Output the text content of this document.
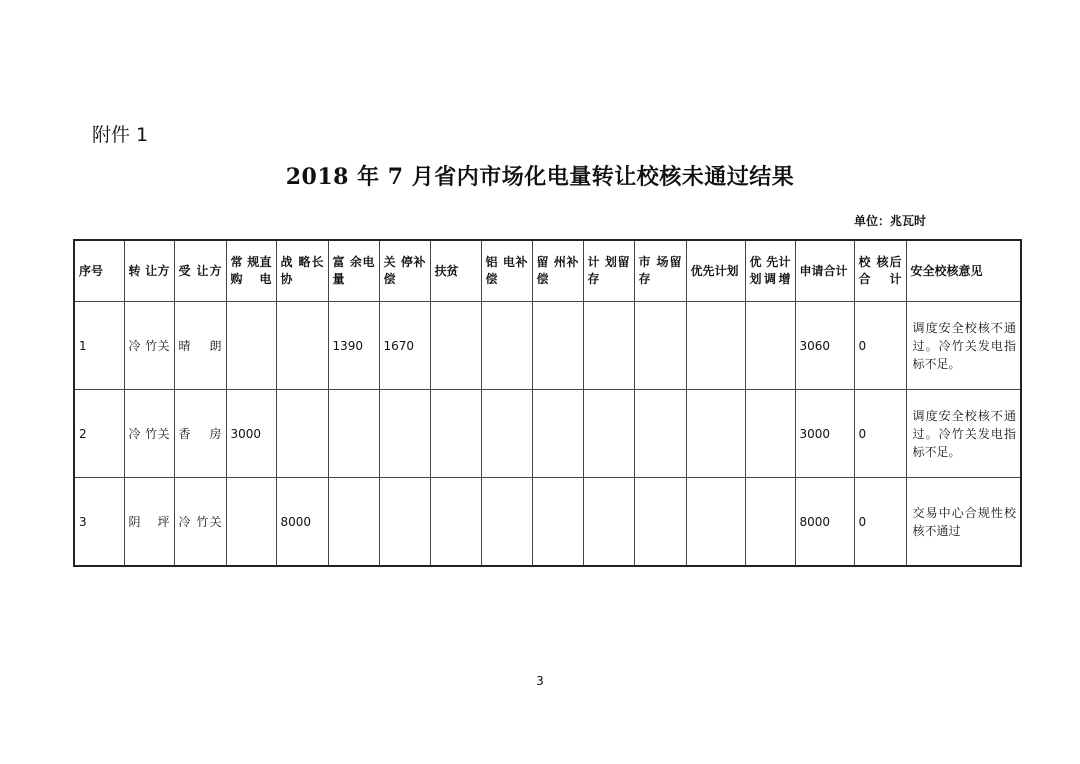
附件 1
2018 年 7 月省内市场化电量转让校核未通过结果
单位：兆瓦时
序号	转 让方	受 让方	常 规直 购电	战 略长协	富 余电量	关 停补偿	扶贫	铝 电补偿	留 州补偿	计 划留存	市 场留存	优先计划	优 先计 划调增	申请合计	校 核后 合计	安全校核意见
1	冷 竹关	晴朗			1390	1670								3060	0	调度安全校核不通过。冷竹关发电指标不足。
2	冷 竹关	香房	3000											3000	0	调度安全校核不通过。冷竹关发电指标不足。
3	阴坪	冷 竹关		8000										8000	0	交易中心合规性校核不通过
3
